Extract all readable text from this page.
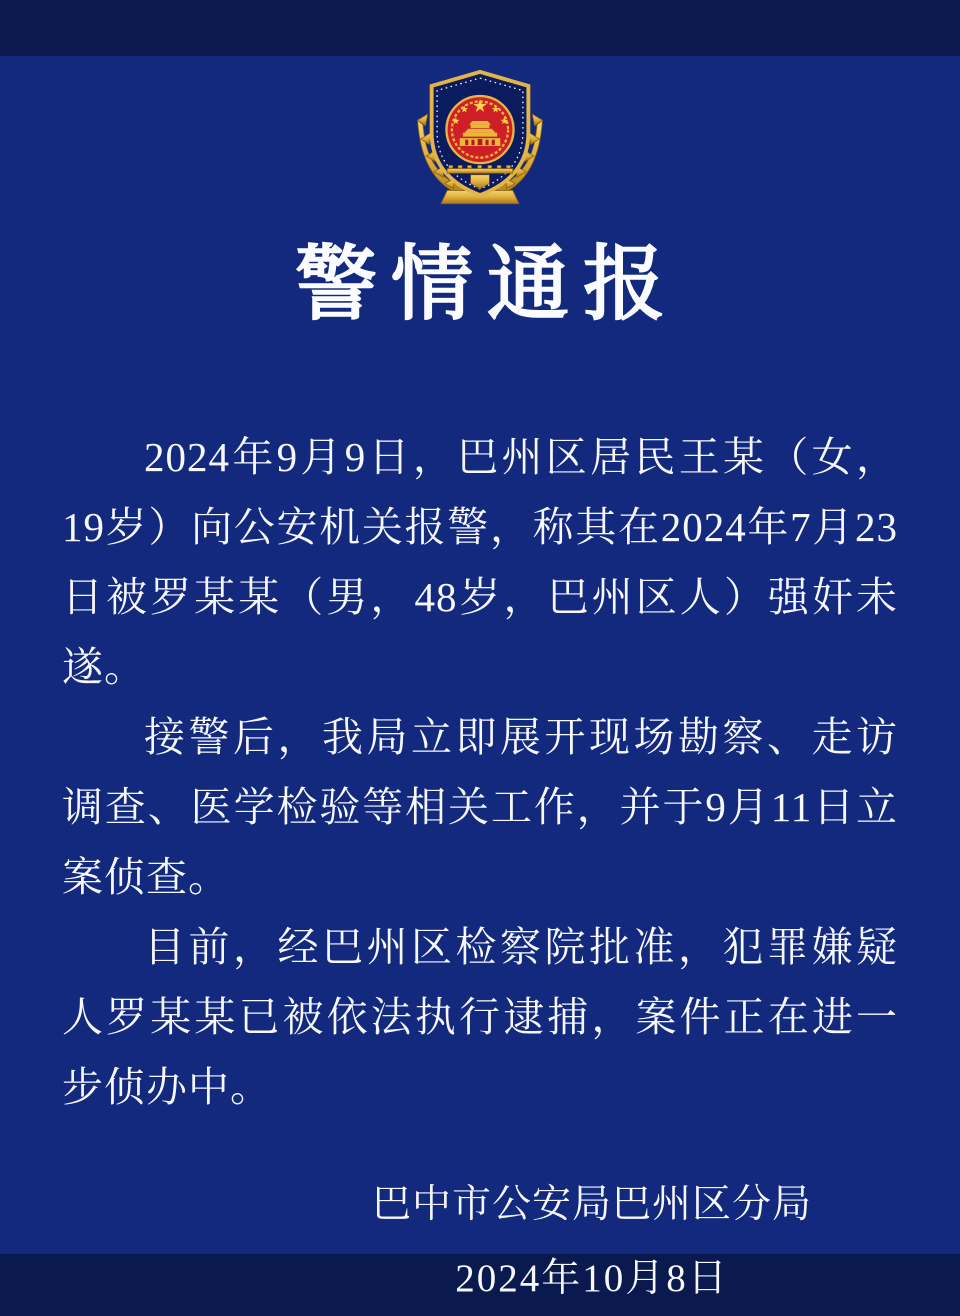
警情通报

2024年9月9日，巴州区居民王某（女，19岁）向公安机关报警，称其在2024年7月23日被罗某某（男，48岁，巴州区人）强奸未遂。

接警后，我局立即展开现场勘察、走访调查、医学检验等相关工作，并于9月11日立案侦查。

目前，经巴州区检察院批准，犯罪嫌疑人罗某某已被依法执行逮捕，案件正在进一步侦办中。

巴中市公安局巴州区分局
2024年10月8日
